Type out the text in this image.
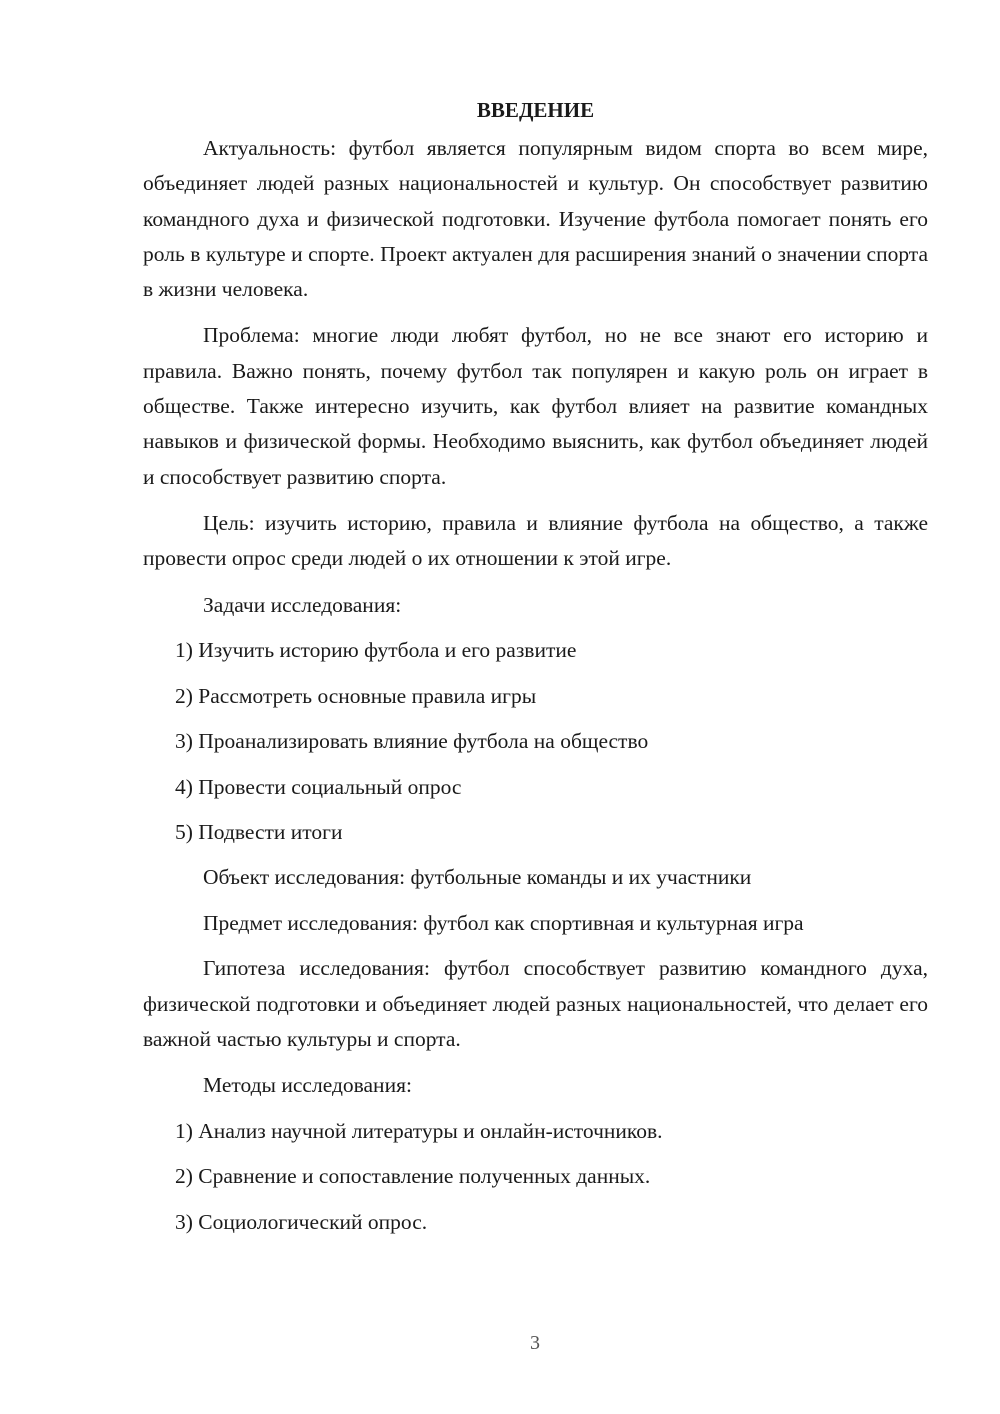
ВВЕДЕНИЕ

Актуальность: футбол является популярным видом спорта во всем мире, объединяет людей разных национальностей и культур. Он способствует развитию командного духа и физической подготовки. Изучение футбола помогает понять его роль в культуре и спорте. Проект актуален для расширения знаний о значении спорта в жизни человека.

Проблема: многие люди любят футбол, но не все знают его историю и правила. Важно понять, почему футбол так популярен и какую роль он играет в обществе. Также интересно изучить, как футбол влияет на развитие командных навыков и физической формы. Необходимо выяснить, как футбол объединяет людей и способствует развитию спорта.

Цель: изучить историю, правила и влияние футбола на общество, а также провести опрос среди людей о их отношении к этой игре.

Задачи исследования:
1) Изучить историю футбола и его развитие
2) Рассмотреть основные правила игры
3) Проанализировать влияние футбола на общество
4) Провести социальный опрос
5) Подвести итоги
Объект исследования: футбольные команды и их участники
Предмет исследования: футбол как спортивная и культурная игра

Гипотеза исследования: футбол способствует развитию командного духа, физической подготовки и объединяет людей разных национальностей, что делает его важной частью культуры и спорта.

Методы исследования:
1) Анализ научной литературы и онлайн-источников.
2) Сравнение и сопоставление полученных данных.
3) Социологический опрос.
3
